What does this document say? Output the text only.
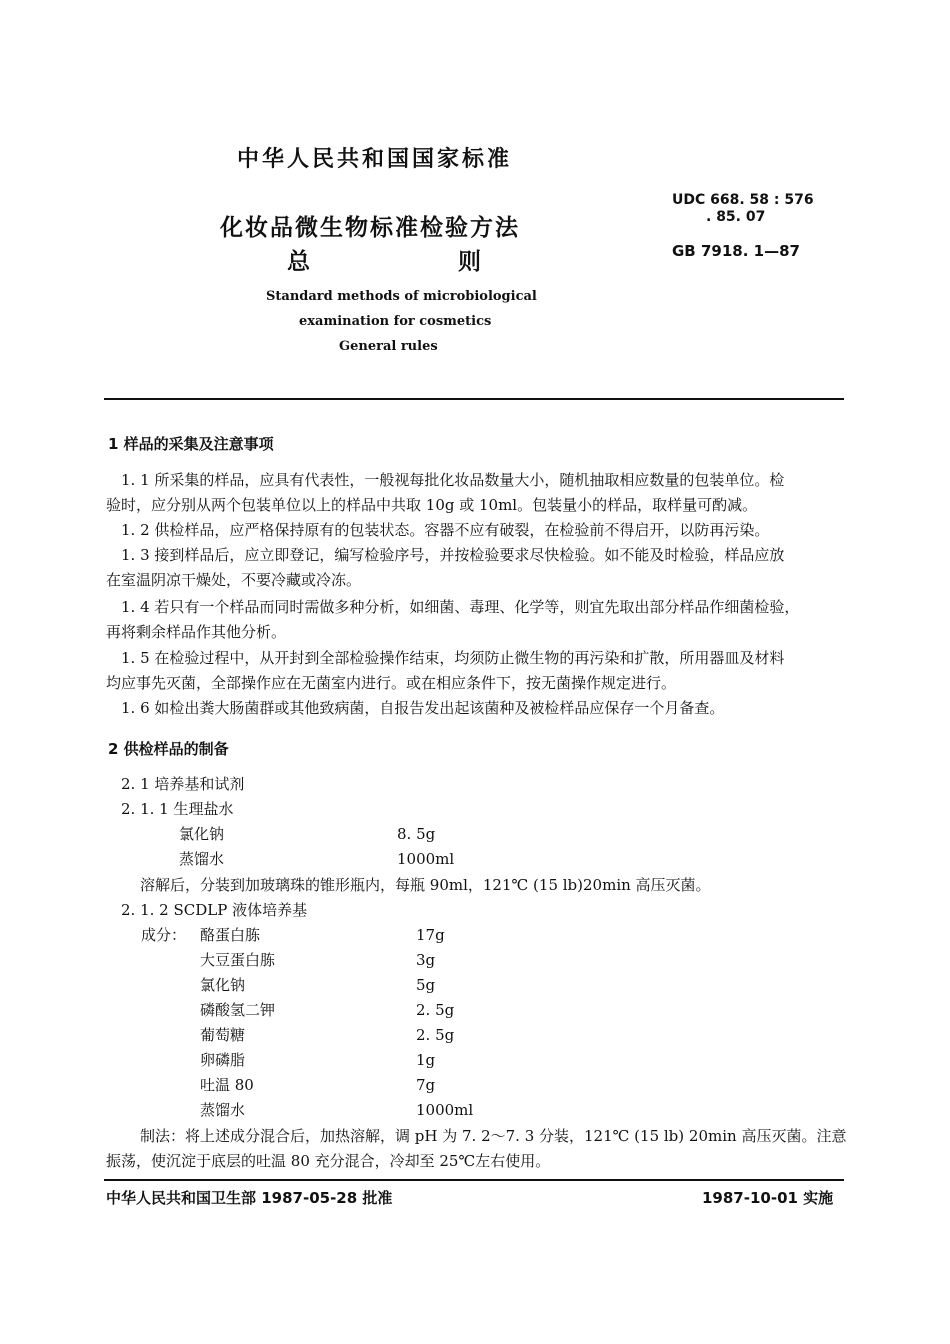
中华人民共和国国家标准
UDC 668. 58 : 576
. 85. 07
GB 7918. 1—87
化妆品微生物标准检验方法
总	则
Standard methods of microbiological
examination for cosmetics
General rules
1 样品的采集及注意事项
1. 1 所采集的样品，应具有代表性，一般视每批化妆品数量大小，随机抽取相应数量的包装单位。检
验时，应分别从两个包装单位以上的样品中共取 10g 或 10ml。包装量小的样品，取样量可酌减。
1. 2 供检样品，应严格保持原有的包装状态。容器不应有破裂，在检验前不得启开，以防再污染。
1. 3 接到样品后，应立即登记，编写检验序号，并按检验要求尽快检验。如不能及时检验，样品应放
在室温阴凉干燥处，不要冷藏或冷冻。
1. 4 若只有一个样品而同时需做多种分析，如细菌、毒理、化学等，则宜先取出部分样品作细菌检验，
再将剩余样品作其他分析。
1. 5 在检验过程中，从开封到全部检验操作结束，均须防止微生物的再污染和扩散，所用器皿及材料
均应事先灭菌，全部操作应在无菌室内进行。或在相应条件下，按无菌操作规定进行。
1. 6 如检出粪大肠菌群或其他致病菌，自报告发出起该菌种及被检样品应保存一个月备查。
2 供检样品的制备
2. 1 培养基和试剂
2. 1. 1 生理盐水
氯化钠	8. 5g
蒸馏水	1000ml
溶解后，分装到加玻璃珠的锥形瓶内，每瓶 90ml，121℃ (15 lb)20min 高压灭菌。
2. 1. 2 SCDLP 液体培养基
成分： 酪蛋白胨	17g
大豆蛋白胨	3g
氯化钠	5g
磷酸氢二钾	2. 5g
葡萄糖	2. 5g
卵磷脂	1g
吐温 80	7g
蒸馏水	1000ml
制法：将上述成分混合后，加热溶解，调 pH 为 7. 2～7. 3 分装，121℃ (15 lb) 20min 高压灭菌。注意
振荡，使沉淀于底层的吐温 80 充分混合，冷却至 25℃左右使用。
中华人民共和国卫生部 1987-05-28 批准	1987-10-01 实施
